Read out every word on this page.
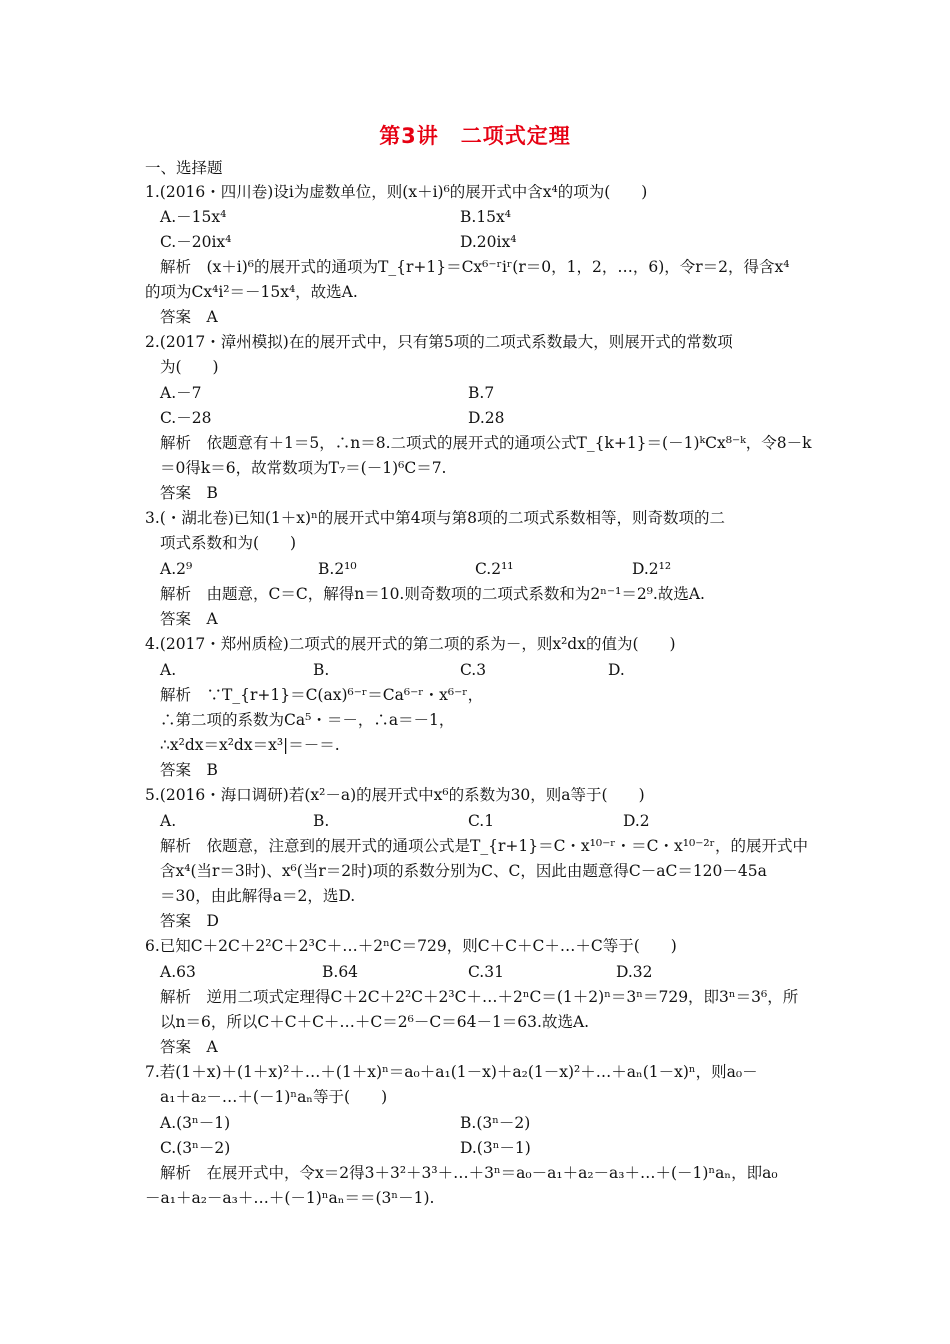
第3讲　二项式定理
一、选择题
1.(2016・四川卷)设i为虚数单位，则(x＋i)⁶的展开式中含x⁴的项为(　　)
A.－15x⁴	B.15x⁴
C.－20ix⁴	D.20ix⁴
解析　(x＋i)⁶的展开式的通项为T_{r+1}＝Cx⁶⁻ʳiʳ(r＝0，1，2，…，6)，令r＝2，得含x⁴
的项为Cx⁴i²＝－15x⁴，故选A.
答案　A
2.(2017・漳州模拟)在的展开式中，只有第5项的二项式系数最大，则展开式的常数项
为(　　)
A.－7	B.7
C.－28	D.28
解析　依题意有＋1＝5，∴n＝8.二项式的展开式的通项公式T_{k+1}＝(－1)ᵏCx⁸⁻ᵏ，令8－k
＝0得k＝6，故常数项为T₇＝(－1)⁶C＝7.
答案　B
3.(・湖北卷)已知(1＋x)ⁿ的展开式中第4项与第8项的二项式系数相等，则奇数项的二
项式系数和为(　　)
A.2⁹	B.2¹⁰	C.2¹¹	D.2¹²
解析　由题意，C＝C，解得n＝10.则奇数项的二项式系数和为2ⁿ⁻¹＝2⁹.故选A.
答案　A
4.(2017・郑州质检)二项式的展开式的第二项的系为－，则x²dx的值为(　　)
A.	B.	C.3	D.
解析　∵T_{r+1}＝C(ax)⁶⁻ʳ＝Ca⁶⁻ʳ・x⁶⁻ʳ，
∴第二项的系数为Ca⁵・＝－，∴a＝－1，
∴x²dx＝x²dx＝x³|＝－＝.
答案　B
5.(2016・海口调研)若(x²－a)的展开式中x⁶的系数为30，则a等于(　　)
A.	B.	C.1	D.2
解析　依题意，注意到的展开式的通项公式是T_{r+1}＝C・x¹⁰⁻ʳ・＝C・x¹⁰⁻²ʳ，的展开式中
含x⁴(当r＝3时)、x⁶(当r＝2时)项的系数分别为C、C，因此由题意得C－aC＝120－45a
＝30，由此解得a＝2，选D.
答案　D
6.已知C＋2C＋2²C＋2³C＋…＋2ⁿC＝729，则C＋C＋C＋…＋C等于(　　)
A.63	B.64	C.31	D.32
解析　逆用二项式定理得C＋2C＋2²C＋2³C＋…＋2ⁿC＝(1＋2)ⁿ＝3ⁿ＝729，即3ⁿ＝3⁶，所
以n＝6，所以C＋C＋C＋…＋C＝2⁶－C＝64－1＝63.故选A.
答案　A
7.若(1＋x)＋(1＋x)²＋…＋(1＋x)ⁿ＝a₀＋a₁(1－x)＋a₂(1－x)²＋…＋aₙ(1－x)ⁿ，则a₀－
a₁＋a₂－…＋(－1)ⁿaₙ等于(　　)
A.(3ⁿ－1)	B.(3ⁿ－2)
C.(3ⁿ－2)	D.(3ⁿ－1)
解析　在展开式中，令x＝2得3＋3²＋3³＋…＋3ⁿ＝a₀－a₁＋a₂－a₃＋…＋(－1)ⁿaₙ，即a₀
－a₁＋a₂－a₃＋…＋(－1)ⁿaₙ＝＝(3ⁿ－1).
